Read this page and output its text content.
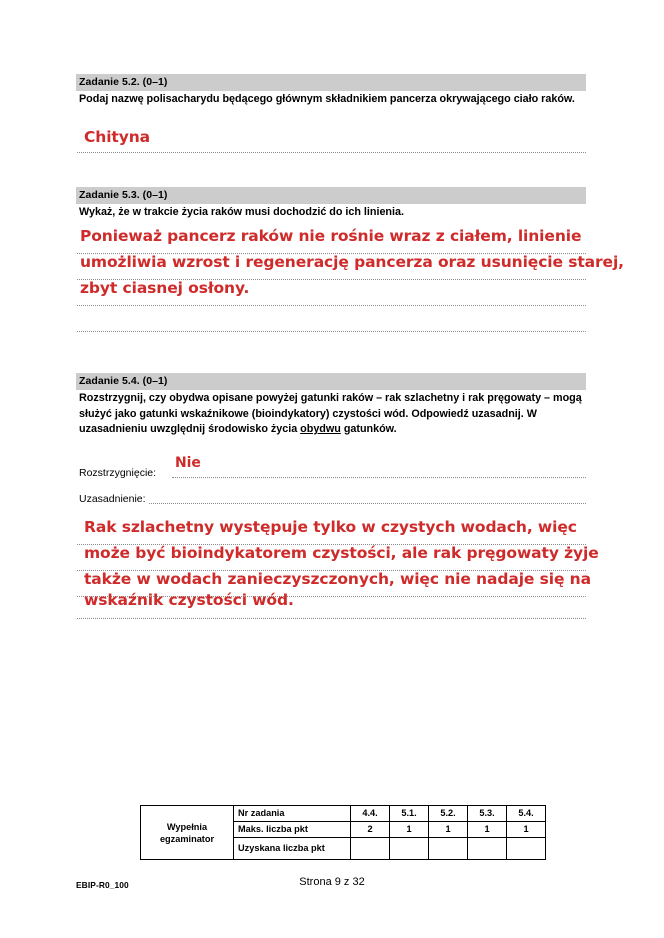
Zadanie 5.2. (0–1)
Podaj nazwę polisacharydu będącego głównym składnikiem pancerza okrywającego ciało raków.
Chityna
Zadanie 5.3. (0–1)
Wykaż, że w trakcie życia raków musi dochodzić do ich linienia.
Ponieważ pancerz raków nie rośnie wraz z ciałem, linienie
umożliwia wzrost i regenerację pancerza oraz usunięcie starej,
zbyt ciasnej osłony.
Zadanie 5.4. (0–1)
Rozstrzygnij, czy obydwa opisane powyżej gatunki raków – rak szlachetny i rak pręgowaty – mogą służyć jako gatunki wskaźnikowe (bioindykatory) czystości wód. Odpowiedź uzasadnij. W uzasadnieniu uwzględnij środowisko życia obydwu gatunków.
Rozstrzygnięcie:
Nie
Uzasadnienie:
Rak szlachetny występuje tylko w czystych wodach, więc
może być bioindykatorem czystości, ale rak pręgowaty żyje
także w wodach zanieczyszczonych, więc nie nadaje się na
wskaźnik czystości wód.
Wypełnia
egzaminator	Nr zadania	4.4.	5.1.	5.2.	5.3.	5.4.
	Maks. liczba pkt	2	1	1	1	1
	Uzyskana liczba pkt					
EBIP-R0_100	Strona 9 z 32
